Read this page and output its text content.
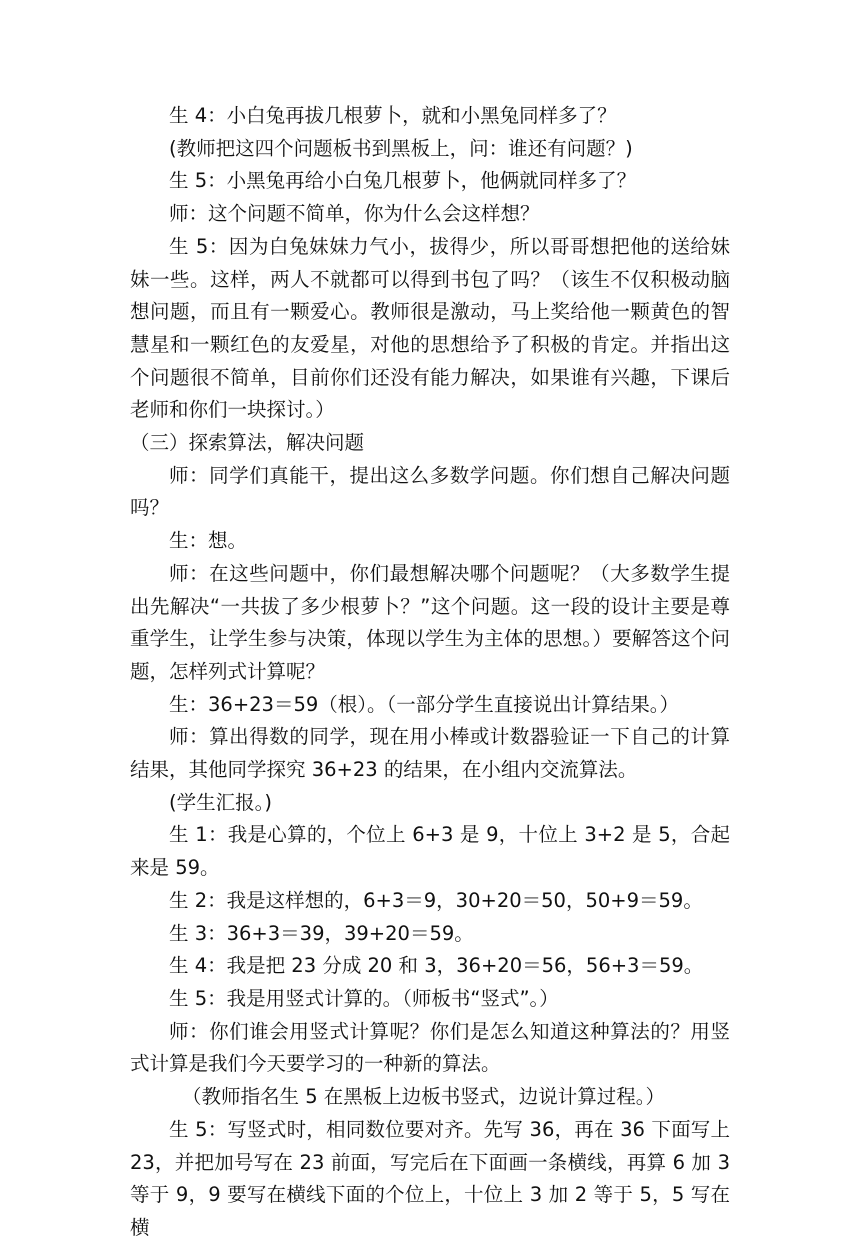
生 4：小白兔再拔几根萝卜，就和小黑兔同样多了？

(教师把这四个问题板书到黑板上，问：谁还有问题？)

生 5：小黑兔再给小白兔几根萝卜，他俩就同样多了？

师：这个问题不简单，你为什么会这样想？

生 5：因为白兔妹妹力气小，拔得少，所以哥哥想把他的送给妹妹一些。这样，两人不就都可以得到书包了吗？（该生不仅积极动脑想问题，而且有一颗爱心。教师很是激动，马上奖给他一颗黄色的智慧星和一颗红色的友爱星，对他的思想给予了积极的肯定。并指出这个问题很不简单，目前你们还没有能力解决，如果谁有兴趣，下课后老师和你们一块探讨。）

（三）探索算法，解决问题

师：同学们真能干，提出这么多数学问题。你们想自己解决问题吗？

生：想。

师：在这些问题中，你们最想解决哪个问题呢？（大多数学生提出先解决“一共拔了多少根萝卜？”这个问题。这一段的设计主要是尊重学生，让学生参与决策，体现以学生为主体的思想。）要解答这个问题，怎样列式计算呢？

生：36+23＝59（根）。（一部分学生直接说出计算结果。）

师：算出得数的同学，现在用小棒或计数器验证一下自己的计算结果，其他同学探究 36+23 的结果，在小组内交流算法。

(学生汇报。)

生 1：我是心算的，个位上 6+3 是 9，十位上 3+2 是 5，合起来是 59。

生 2：我是这样想的，6+3＝9，30+20＝50，50+9＝59。

生 3：36+3＝39，39+20＝59。

生 4：我是把 23 分成 20 和 3，36+20＝56，56+3＝59。

生 5：我是用竖式计算的。（师板书“竖式”。）

师：你们谁会用竖式计算呢？你们是怎么知道这种算法的？用竖式计算是我们今天要学习的一种新的算法。

（教师指名生 5 在黑板上边板书竖式，边说计算过程。）

生 5：写竖式时，相同数位要对齐。先写 36，再在 36 下面写上 23，并把加号写在 23 前面，写完后在下面画一条横线，再算 6 加 3 等于 9，9 要写在横线下面的个位上，十位上 3 加 2 等于 5，5 写在横
